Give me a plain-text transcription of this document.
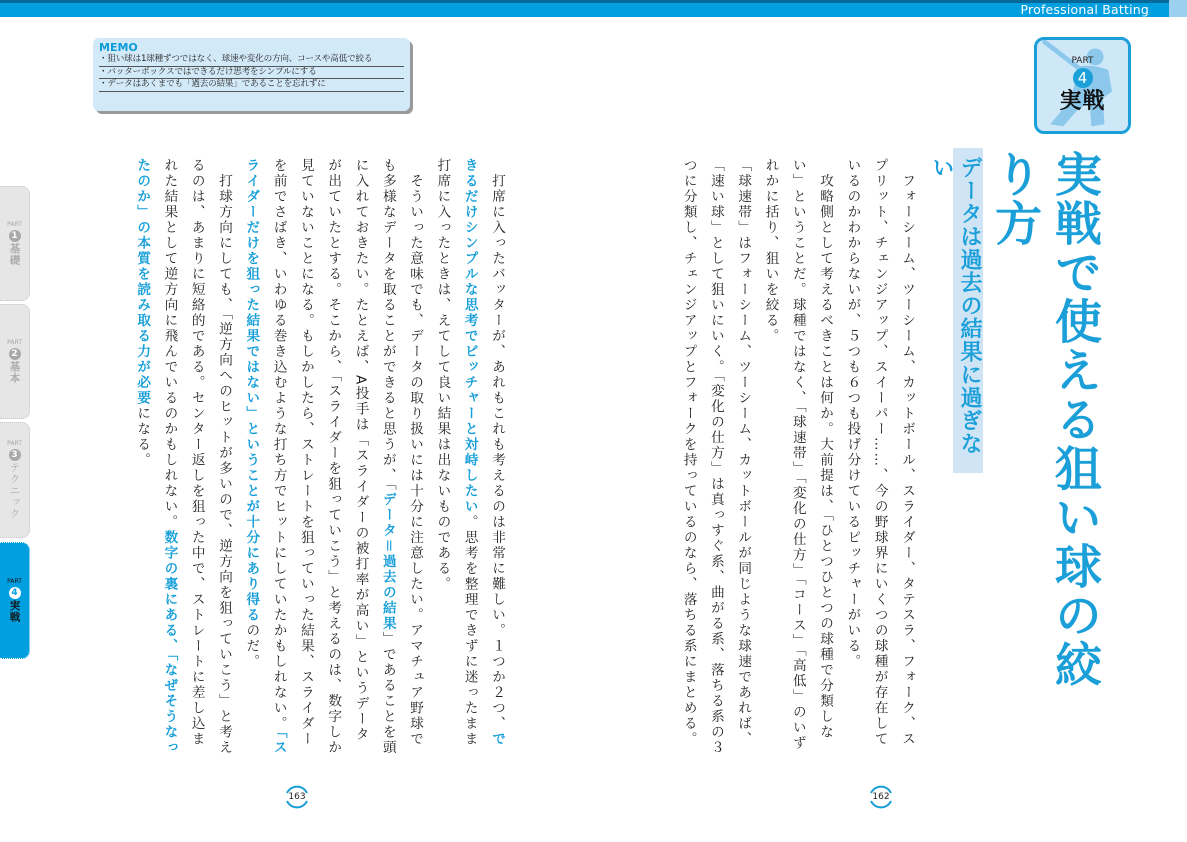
Professional Batting
MEMO
・狙い球は1球種ずつではなく、球速や変化の方向、コースや高低で絞る
・バッターボックスではできるだけ思考をシンプルにする
・データはあくまでも「過去の結果」であることを忘れずに
PART
1
基礎
PART
2
基本
PART
3
テクニック
PART
4
実戦	　打席に入ったバッターが、あれもこれも考えるのは非常に難しい。１つか２つ、できるだけシンプルな思考でピッチャーと対峙したい。思考を整理できずに迷ったまま打席に入ったときは、えてして良い結果は出ないものである。

　そういった意味でも、データの取り扱いには十分に注意したい。アマチュア野球でも多様なデータを取ることができると思うが、「データ＝過去の結果」であることを頭に入れておきたい。たとえば、A投手は「スライダーの被打率が高い」というデータが出ていたとする。そこから、「スライダーを狙っていこう」と考えるのは、数字しか見ていないことになる。もしかしたら、ストレートを狙っていった結果、スライダーを前でさばき、いわゆる巻き込むような打ち方でヒットにしていたかもしれない。「スライダーだけを狙った結果ではない」ということが十分にあり得るのだ。

　打球方向にしても、「逆方向へのヒットが多いので、逆方向を狙っていこう」と考えるのは、あまりに短絡的である。センター返しを狙った中で、ストレートに差し込まれた結果として逆方向に飛んでいるのかもしれない。数字の裏にある、「なぜそうなったのか」の本質を読み取る力が必要になる。	実戦で使える狙い球の絞り方
データは過去の結果に過ぎない

　フォーシーム、ツーシーム、カットボール、スライダー、タテスラ、フォーク、スプリット、チェンジアップ、スイーパー……、今の野球界にいくつの球種が存在しているのかわからないが、５つも６つも投げ分けているピッチャーがいる。

　攻略側として考えるべきことは何か。大前提は、「ひとつひとつの球種で分類しない」ということだ。球種ではなく、「球速帯」「変化の仕方」「コース」「高低」のいずれかに括り、狙いを絞る。

「球速帯」はフォーシーム、ツーシーム、カットボールが同じような球速であれば、「速い球」として狙いにいく。「変化の仕方」は真っすぐ系、曲がる系、落ちる系の３つに分類し、チェンジアップとフォークを持っているのなら、落ちる系にまとめる。

PART
4
実戦
163	162
